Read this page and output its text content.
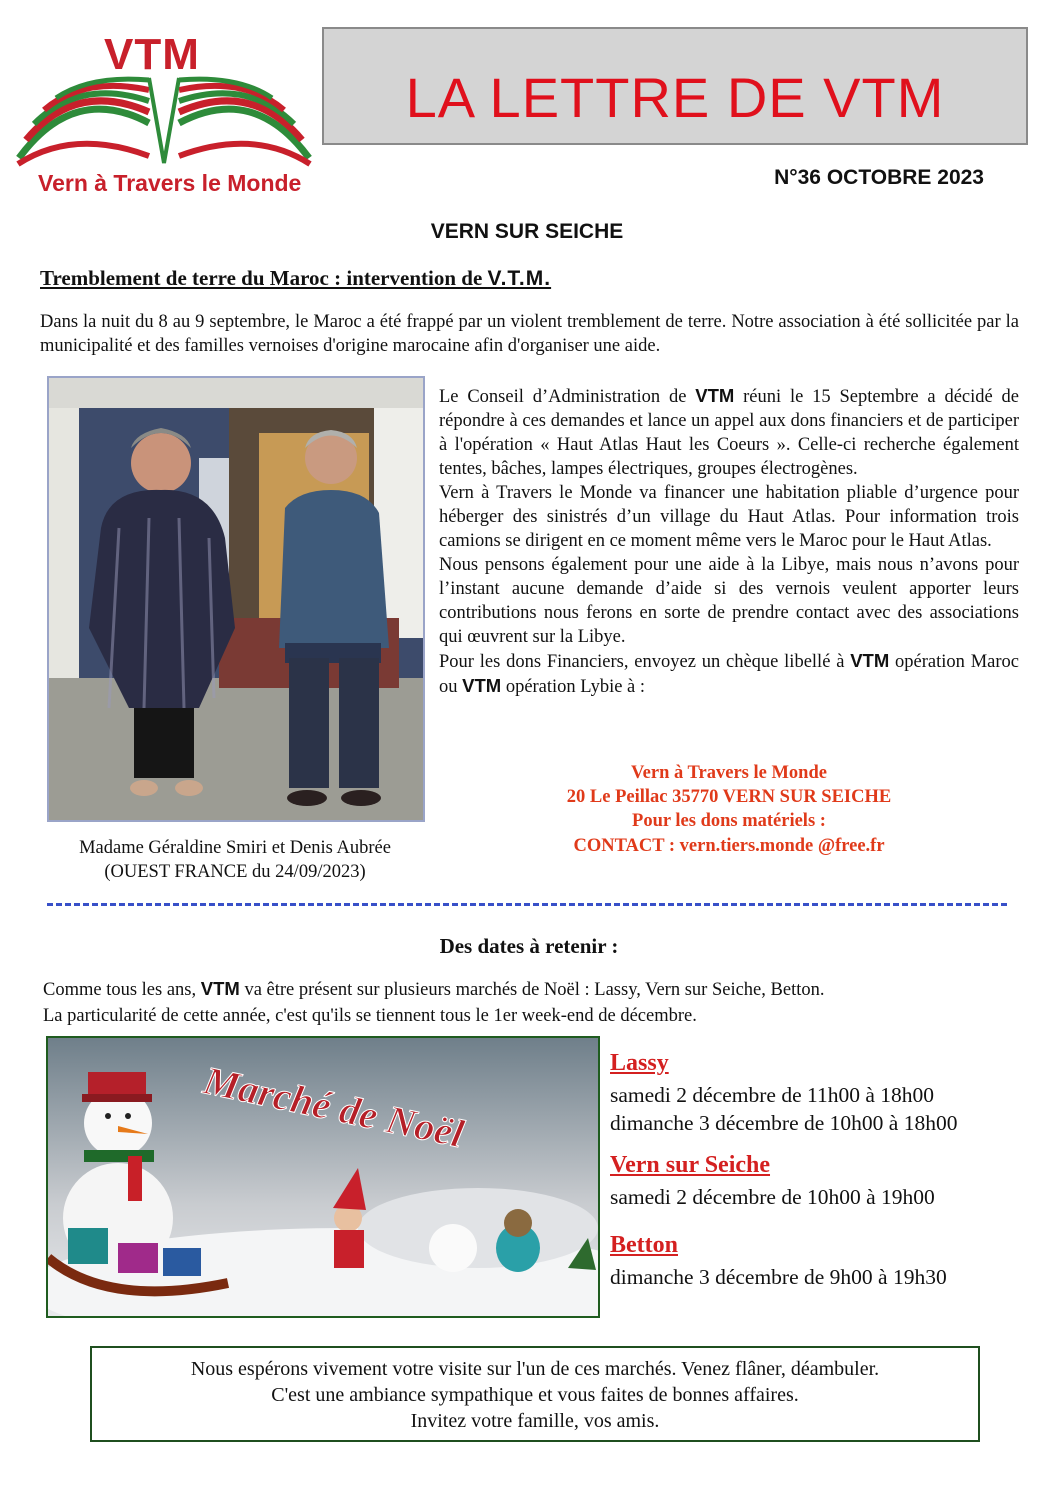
VTM
Vern à Travers le Monde
LA LETTRE DE VTM
N°36 OCTOBRE 2023
VERN SUR SEICHE
Tremblement de terre du Maroc : intervention de V.T.M.
Dans la nuit du 8 au 9 septembre, le Maroc a été frappé par un violent tremblement de terre. Notre association à été sollicitée par la municipalité et des familles vernoises d'origine marocaine afin d'organiser une aide.
Madame Géraldine Smiri et Denis Aubrée
(OUEST FRANCE du 24/09/2023)

Le Conseil d’Administration de VTM réuni le 15 Septembre a décidé de répondre à ces demandes et lance un appel aux dons financiers et de participer à l'opération « Haut Atlas Haut les Coeurs ». Celle-ci recherche également tentes, bâches, lampes électriques, groupes électrogènes.

Vern à Travers le Monde va financer une habitation pliable d’urgence pour héberger des sinistrés d’un village du Haut Atlas. Pour information trois camions se dirigent en ce moment même vers le Maroc pour le Haut Atlas.

Nous pensons également pour une aide à la Libye, mais nous n’avons pour l’instant aucune demande d’aide si des vernois veulent apporter leurs contributions nous ferons en sorte de prendre contact avec des associations qui œuvrent sur la Libye.

Pour les dons Financiers, envoyez un chèque libellé à VTM opération Maroc ou VTM opération Lybie à :

Vern à Travers le Monde
20 Le Peillac 35770 VERN SUR SEICHE
Pour les dons matériels :
CONTACT : vern.tiers.monde @free.fr
Des dates à retenir :
Comme tous les ans, VTM va être présent sur plusieurs marchés de Noël : Lassy, Vern sur Seiche, Betton.
La particularité de cette année, c'est qu'ils se tiennent tous le 1er week-end de décembre.
Marché de Noël	Lassy
samedi 2 décembre de 11h00 à 18h00
dimanche 3 décembre de 10h00 à 18h00
Vern sur Seiche
samedi 2 décembre de 10h00 à 19h00
Betton
dimanche 3 décembre de 9h00 à 19h30
Nous espérons vivement votre visite sur l'un de ces marchés. Venez flâner, déambuler.
C'est une ambiance sympathique et vous faites de bonnes affaires.
Invitez votre famille, vos amis.
